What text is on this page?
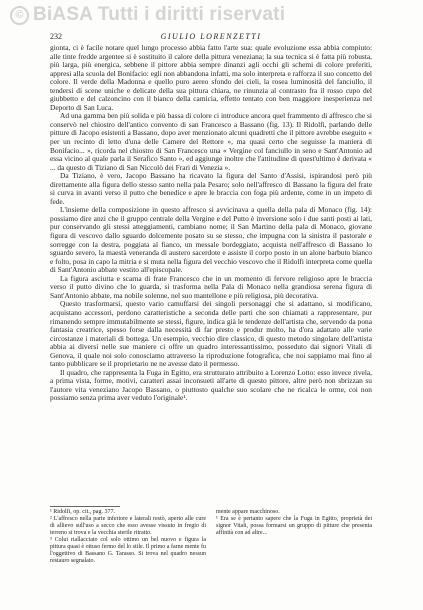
© BiASA Tutti i diritti riservati
232	GIULIO LORENZETTI

gionta, ci è facile notare quel lungo processo abbia fatto l'arte sua: quale evoluzione essa abbia compiuto: alle tinte fredde argentee si è sostituito il calore della pittura veneziana; la sua tecnica si è fatta più robusta, più larga, più energica, sebbene il pittore abbia sempre dinanzi agli occhi gli schemi di colore preferiti, appresi alla scuola del Bonifacio: egli non abbandona infatti, ma solo interpreta e rafforza il suo concetto del colore. Il verde della Madonna e quello puro aereo sfondo dei cieli, la rosea luminosità del fanciullo, il tendersi di scene uniche e delicate della sua pittura chiara, ne rinunzia al contrasto fra il rosso cupo del giubbetto e del calzoncino con il bianco della camicia, effetto tentato con ben maggiore inesperienza nel Deporto di San Luca.

Ad una gamma ben più solida e più bassa di colore ci introduce ancora quel frammento di affresco che si conservò nel chiostro dell'antico convento di san Francesco a Bassano (fig. 13). Il Ridolfi, parlando delle pitture di Jacopo esistenti a Bassano, dopo aver menzionato alcuni quadretti che il pittore avrebbe eseguito « per un recinto di letto d'una delle Camere del Rettore », ma quasi certo che seguisse la maniera di Bonifacio... », ricorda nel chiostro di San Francesco una « Vergine col fanciullo in seno e Sant'Antonio ad essa vicino al quale parla il Serafico Santo », ed aggiunge inoltre che l'attitudine di quest'ultimo è derivata « ... da questo di Tiziano di San Niccolò dei Frari di Venezia ».

Da Tiziano, è vero, Jacopo Bassano ha ricavato la figura del Santo d'Assisi, ispirandosi però più direttamente alla figura dello stesso santo nella pala Pesaro; solo nell'affresco di Bassano la figura del frate si curva in avanti verso il putto che benedice e apre le braccia con foga più ardente, come in un impeto di fede.

L'insieme della composizione in questo affresco si avvicinava a quella della pala di Monaco (fig. 14): possiamo dire anzi che il gruppo centrale della Vergine e del Putto è inversione solo i due santi posti ai lati, pur conservando gli stessi atteggiamenti, cambiano nome; il San Martino della pala di Monaco, giovane figura di vescovo dallo sguardo dolcemente posato su se stesso, che impugna con la sinistra il pastorale e sorregge con la destra, poggiata al fianco, un messale bordeggiato, acquista nell'affresco di Bassano lo sguardo severo, la maestà veneranda di austero sacerdote e assiste il corpo posto in un alone barbuto bianco e folto, posa in capo la mitria e si muta nella figura del vecchio vescovo che il Ridolfi interpreta come quella di Sant'Antonio abbate vestito all'episcopale.

La figura asciutta e scarna di frate Francesco che in un momento di fervore religioso apre le braccia verso il putto divino che lo guarda, si trasforma nella Pala di Monaco nella grandiosa serena figura di Sant'Antonio abbate, ma nobile solenne, nel suo mantellone e più religiosa, più decorativa.

Questo trasformarsi, questo vario camuffarsi dei singoli personaggi che si adattano, si modificano, acquistano accessori, perdono caratteristiche a seconda delle parti che son chiamati a rappresentare, pur rimanendo sempre immutabilmente se stessi, figure, indica già le tendenze dell'artista che, servendo da pona fantasia creatrice, spesso forse dalla necessità di far presto e produr molto, ha d'ora adattato alle varie circostanze i materiali di bottega. Un esempio, vecchio dire classico, di questo metodo singolare dell'artista abbia ai diversi nelle sue maniere ci offre un quadro interessantissimo, posseduto dai signori Vitali di Genova, il quale noi solo conosciamo attraverso la riproduzione fotografica, che noi sappiamo mai fino al tanto pubblicare se il proprietario ne ne avesse dato il permesso.

Il quadro, che rappresenta la Fuga in Egitto, era strutturato attribuito a Lorenzo Lotto: esso invece rivela, a prima vista, forme, motivi, caratteri assai inconsueti all'arte di questo pittore, altre però non sbrizzan su l'autore vita veneziano Jacopo Bassano, o piuttosto qualche suo scolare che ne ricalca le orme, coi non possiamo senza prima aver veduto l'originale¹.

¹ Ridolfi, op. cit., pag. 377.

² L'affresco nella parte inferiore e laterali restò, aperto alle cure di allievo sull'uso a secco che esso avesse vissuto in fregio di terreno si trova e la vecchia sterile ritratto.

³ Colui riallacciato col solo ottimo un bel nuovo e figura la pittura quasi è ottuso fermo del lo stile. Il primo a farne mente fu l'oggettivo di Bassano G. Tarasso. Si trova nel quadro nessun restauro segnalato.

mente appare macchinoso.

¹ Era se è pertanto sapere che la Fuga in Egitto, proprietà dei signor Vitali, possa formarsi un gruppo di pitture che presenta affinità con ad altre...
